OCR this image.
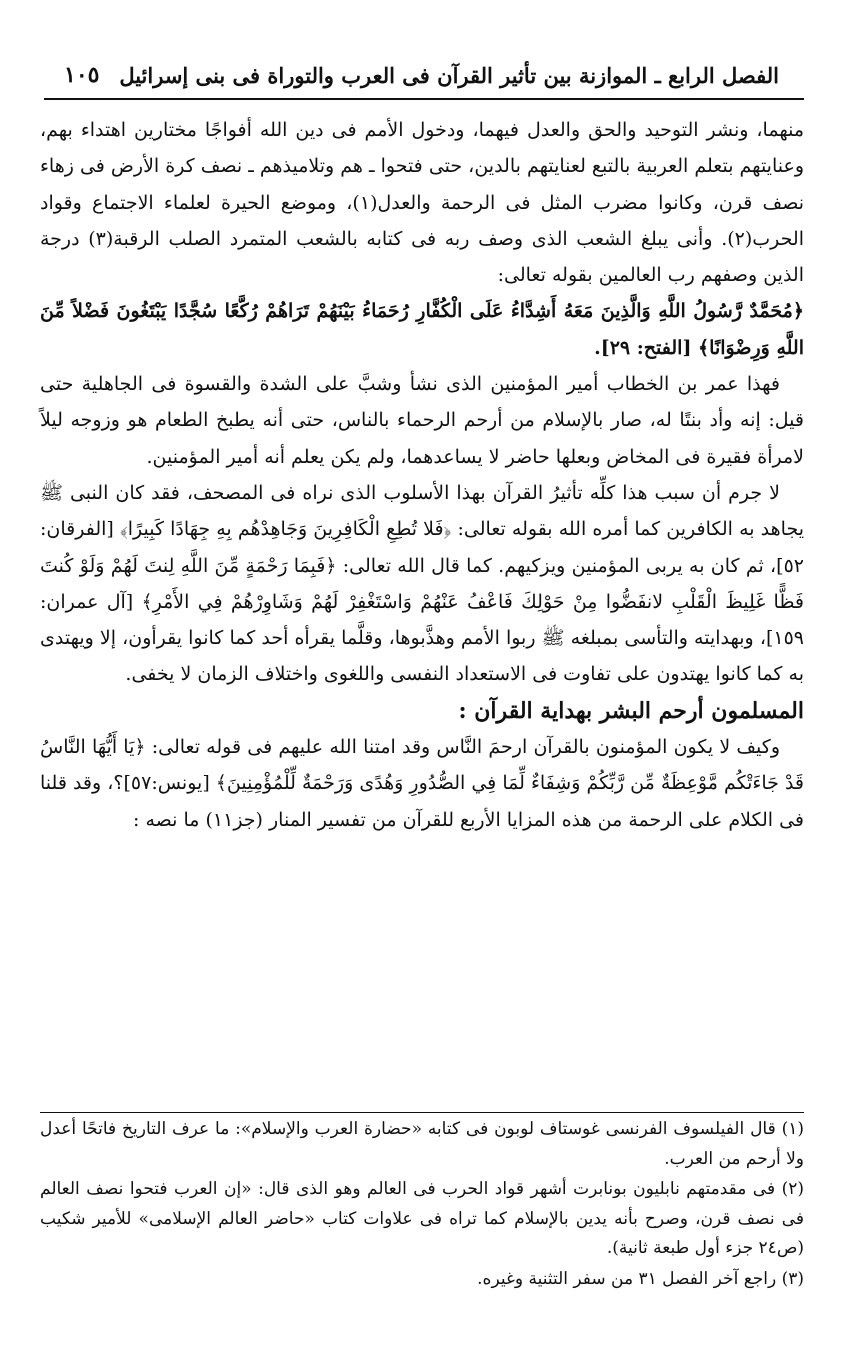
الفصل الرابع ـ الموازنة بين تأثير القرآن فى العرب والتوراة فى بنى إسرائيل
١٠٥

منهما، ونشر التوحيد والحق والعدل فيهما، ودخول الأمم فى دين الله أفواجًا مختارين اهتداء بهم، وعنايتهم بتعلم العربية بالتبع لعنايتهم بالدين، حتى فتحوا ـ هم وتلاميذهم ـ نصف كرة الأرض فى زهاء نصف قرن، وكانوا مضرب المثل فى الرحمة والعدل(١)، وموضع الحيرة لعلماء الاجتماع وقواد الحرب(٢). وأنى يبلغ الشعب الذى وصف ربه فى كتابه بالشعب المتمرد الصلب الرقبة(٣) درجة الذين وصفهم رب العالمين بقوله تعالى:

﴿مُحَمَّدٌ رَّسُولُ اللَّهِ وَالَّذِينَ مَعَهُ أَشِدَّاءُ عَلَى الْكُفَّارِ رُحَمَاءُ بَيْنَهُمْ تَرَاهُمْ رُكَّعًا سُجَّدًا يَبْتَغُونَ فَضْلاً مِّنَ اللَّهِ وَرِضْوَانًا﴾ [الفتح: ٢٩].

فهذا عمر بن الخطاب أمير المؤمنين الذى نشأ وشبَّ على الشدة والقسوة فى الجاهلية حتى قيل: إنه وأد بنتًا له، صار بالإسلام من أرحم الرحماء بالناس، حتى أنه يطبخ الطعام هو وزوجه ليلاً لامرأة فقيرة فى المخاض وبعلها حاضر لا يساعدهما، ولم يكن يعلم أنه أمير المؤمنين.

لا جرم أن سبب هذا كلِّه تأثيرُ القرآن بهذا الأسلوب الذى نراه فى المصحف، فقد كان النبى ﷺ يجاهد به الكافرين كما أمره الله بقوله تعالى: ﴿فَلا تُطِعِ الْكَافِرِينَ وَجَاهِدْهُم بِهِ جِهَادًا كَبِيرًا﴾ [الفرقان: ٥٢]، ثم كان به يربى المؤمنين ويزكيهم. كما قال الله تعالى: ﴿فَبِمَا رَحْمَةٍ مِّنَ اللَّهِ لِنتَ لَهُمْ وَلَوْ كُنتَ فَظًّا غَلِيظَ الْقَلْبِ لانفَضُّوا مِنْ حَوْلِكَ فَاعْفُ عَنْهُمْ وَاسْتَغْفِرْ لَهُمْ وَشَاوِرْهُمْ فِي الأَمْرِ﴾ [آل عمران: ١٥٩]، وبهدايته والتأسى بمبلغه ﷺ ربوا الأمم وهذَّبوها، وقلَّما يقرأه أحد كما كانوا يقرأون، إلا ويهتدى به كما كانوا يهتدون على تفاوت فى الاستعداد النفسى واللغوى واختلاف الزمان لا يخفى.

المسلمون أرحم البشر بهداية القرآن :

وكيف لا يكون المؤمنون بالقرآن ارحمَ النَّاس وقد امتنا الله عليهم فى قوله تعالى: ﴿يَا أَيُّهَا النَّاسُ قَدْ جَاءَتْكُم مَّوْعِظَةٌ مِّن رَّبِّكُمْ وَشِفَاءٌ لِّمَا فِي الصُّدُورِ وَهُدًى وَرَحْمَةٌ لِّلْمُؤْمِنِينَ﴾ [يونس:٥٧]؟، وقد قلنا فى الكلام على الرحمة من هذه المزايا الأربع للقرآن من تفسير المنار (جز١١) ما نصه :

(١) قال الفيلسوف الفرنسى غوستاف لوبون فى كتابه «حضارة العرب والإسلام»: ما عرف التاريخ فاتحًا أعدل ولا أرحم من العرب.

(٢) فى مقدمتهم نابليون بونابرت أشهر قواد الحرب فى العالم وهو الذى قال: «إن العرب فتحوا نصف العالم فى نصف قرن، وصرح بأنه يدين بالإسلام كما تراه فى علاوات كتاب «حاضر العالم الإسلامى» للأمير شكيب (ص٢٤ جزء أول طبعة ثانية).

(٣) راجع آخر الفصل ٣١ من سفر التثنية وغيره.
